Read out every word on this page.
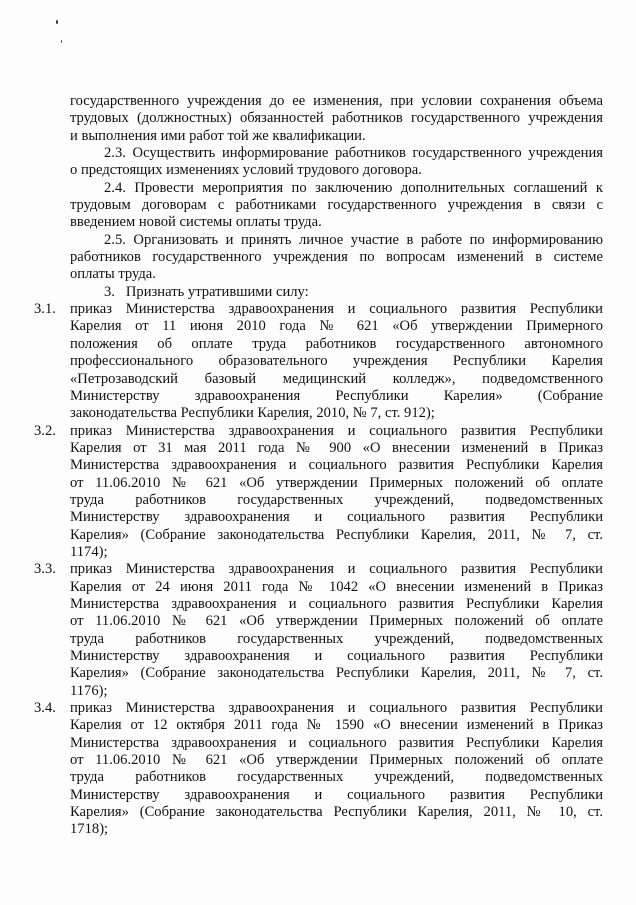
государственного учреждения до ее изменения, при условии сохранения объема
трудовых (должностных) обязанностей работников государственного учреждения
и выполнения ими работ той же квалификации.
2.3. Осуществить информирование работников государственного учреждения
о предстоящих изменениях условий трудового договора.
2.4. Провести мероприятия по заключению дополнительных соглашений к
трудовым договорам с работниками государственного учреждения в связи с
введением новой системы оплаты труда.
2.5. Организовать и принять личное участие в работе по информированию
работников государственного учреждения по вопросам изменений в системе
оплаты труда.
3.   Признать утратившими силу:
3.1. приказ Министерства здравоохранения и социального развития Республики
Карелия от 11 июня 2010 года № 621 «Об утверждении Примерного
положения об оплате труда работников государственного автономного
профессионального образовательного учреждения Республики Карелия
«Петрозаводский базовый медицинский колледж», подведомственного
Министерству здравоохранения Республики Карелия» (Собрание
законодательства Республики Карелия, 2010, № 7, ст. 912);
3.2. приказ Министерства здравоохранения и социального развития Республики
Карелия от 31 мая 2011 года № 900 «О внесении изменений в Приказ
Министерства здравоохранения и социального развития Республики Карелия
от 11.06.2010 № 621 «Об утверждении Примерных положений об оплате
труда работников государственных учреждений, подведомственных
Министерству здравоохранения и социального развития Республики
Карелия» (Собрание законодательства Республики Карелия, 2011, № 7, ст.
1174);
3.3. приказ Министерства здравоохранения и социального развития Республики
Карелия от 24 июня 2011 года № 1042 «О внесении изменений в Приказ
Министерства здравоохранения и социального развития Республики Карелия
от 11.06.2010 № 621 «Об утверждении Примерных положений об оплате
труда работников государственных учреждений, подведомственных
Министерству здравоохранения и социального развития Республики
Карелия» (Собрание законодательства Республики Карелия, 2011, № 7, ст.
1176);
3.4. приказ Министерства здравоохранения и социального развития Республики
Карелия от 12 октября 2011 года № 1590 «О внесении изменений в Приказ
Министерства здравоохранения и социального развития Республики Карелия
от 11.06.2010 № 621 «Об утверждении Примерных положений об оплате
труда работников государственных учреждений, подведомственных
Министерству здравоохранения и социального развития Республики
Карелия» (Собрание законодательства Республики Карелия, 2011, № 10, ст.
1718);
